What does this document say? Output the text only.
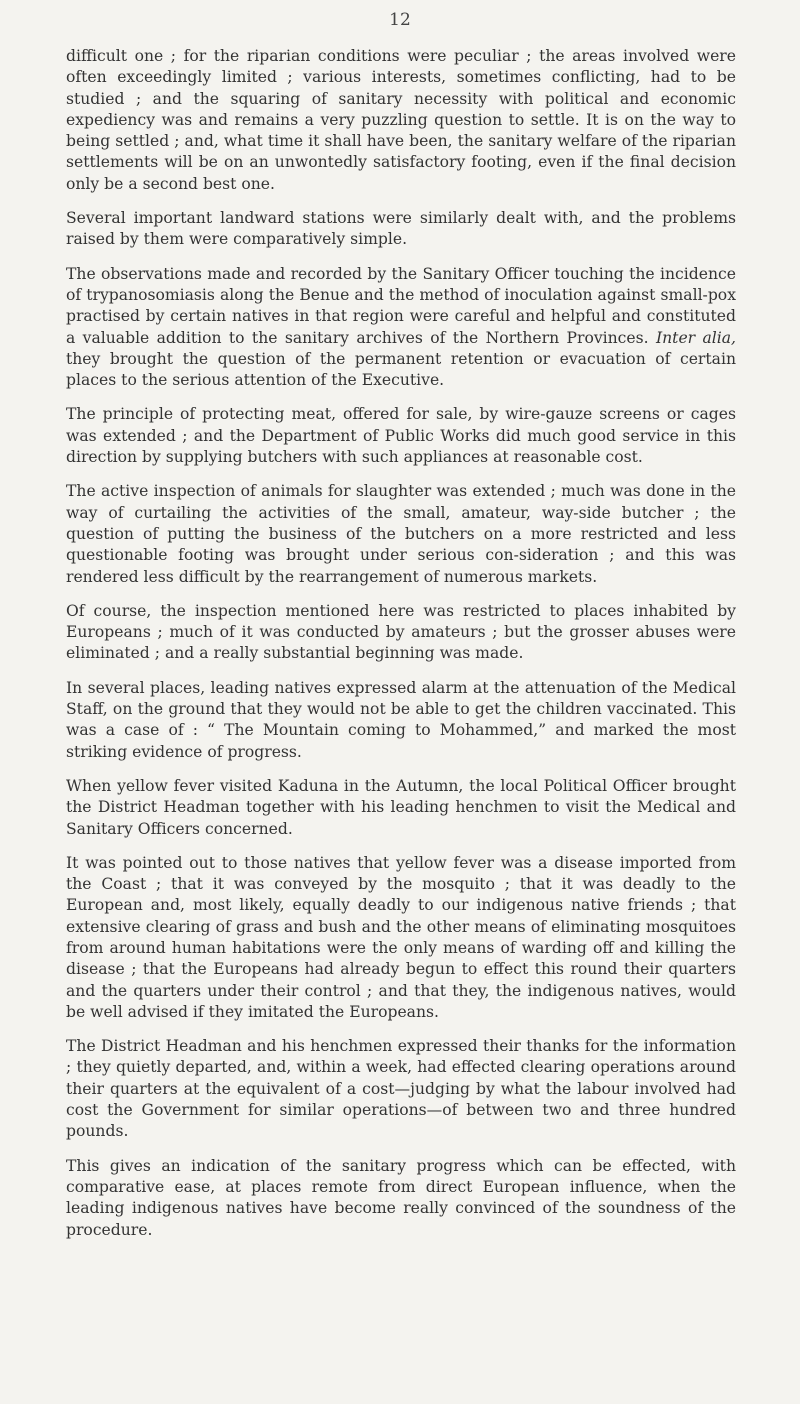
12

difficult one ; for the riparian conditions were peculiar ; the areas involved were often exceedingly limited ; various interests, sometimes conflicting, had to be studied ; and the squaring of sanitary necessity with political and economic expediency was and remains a very puzzling question to settle. It is on the way to being settled ; and, what time it shall have been, the sanitary welfare of the riparian settlements will be on an unwontedly satisfactory footing, even if the final decision only be a second best one.

Several important landward stations were similarly dealt with, and the problems raised by them were comparatively simple.

The observations made and recorded by the Sanitary Officer touching the incidence of trypanosomiasis along the Benue and the method of inoculation against small-pox practised by certain natives in that region were careful and helpful and constituted a valuable addition to the sanitary archives of the Northern Provinces. Inter alia, they brought the question of the permanent retention or evacuation of certain places to the serious attention of the Executive.

The principle of protecting meat, offered for sale, by wire-gauze screens or cages was extended ; and the Department of Public Works did much good service in this direction by supplying butchers with such appliances at reasonable cost.

The active inspection of animals for slaughter was extended ; much was done in the way of curtailing the activities of the small, amateur, way-side butcher ; the question of putting the business of the butchers on a more restricted and less questionable footing was brought under serious con-sideration ; and this was rendered less difficult by the rearrangement of numerous markets.

Of course, the inspection mentioned here was restricted to places inhabited by Europeans ; much of it was conducted by amateurs ; but the grosser abuses were eliminated ; and a really substantial beginning was made.

In several places, leading natives expressed alarm at the attenuation of the Medical Staff, on the ground that they would not be able to get the children vaccinated. This was a case of : “ The Mountain coming to Mohammed,” and marked the most striking evidence of progress.

When yellow fever visited Kaduna in the Autumn, the local Political Officer brought the District Headman together with his leading henchmen to visit the Medical and Sanitary Officers concerned.

It was pointed out to those natives that yellow fever was a disease imported from the Coast ; that it was conveyed by the mosquito ; that it was deadly to the European and, most likely, equally deadly to our indigenous native friends ; that extensive clearing of grass and bush and the other means of eliminating mosquitoes from around human habitations were the only means of warding off and killing the disease ; that the Europeans had already begun to effect this round their quarters and the quarters under their control ; and that they, the indigenous natives, would be well advised if they imitated the Europeans.

The District Headman and his henchmen expressed their thanks for the information ; they quietly departed, and, within a week, had effected clearing operations around their quarters at the equivalent of a cost—judging by what the labour involved had cost the Government for similar operations—of between two and three hundred pounds.

This gives an indication of the sanitary progress which can be effected, with comparative ease, at places remote from direct European influence, when the leading indigenous natives have become really convinced of the soundness of the procedure.
